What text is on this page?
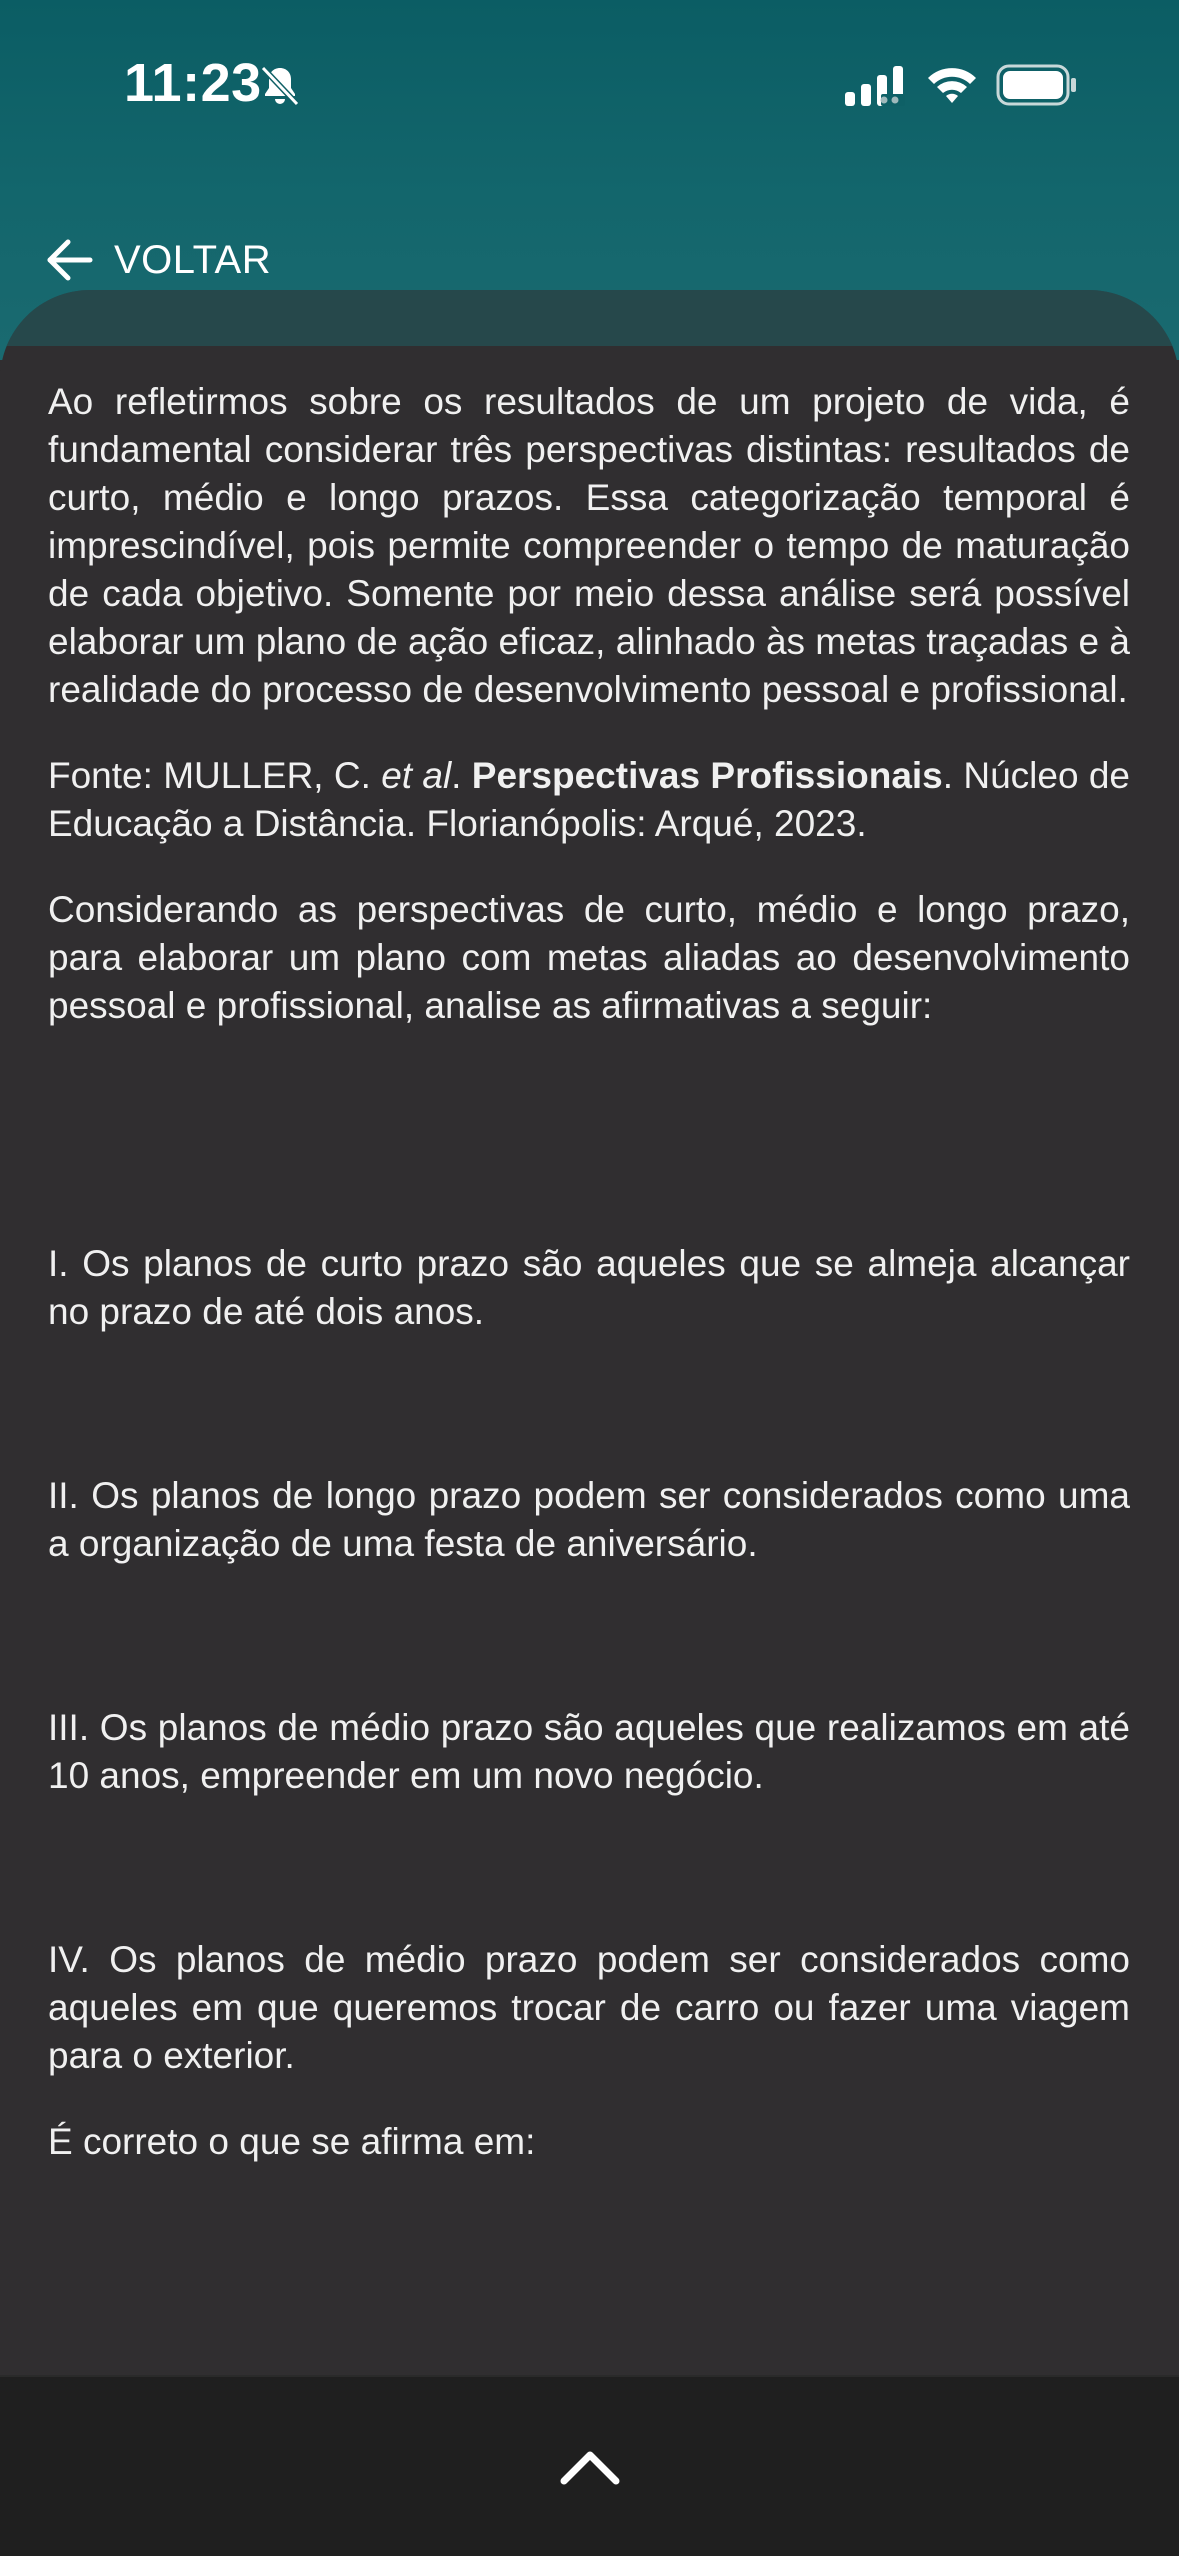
11:23
VOLTAR

Ao refletirmos sobre os resultados de um projeto de vida, é fundamental considerar três perspectivas distintas: resultados de curto, médio e longo prazos. Essa categorização temporal é imprescindível, pois permite compreender o tempo de maturação de cada objetivo. Somente por meio dessa análise será possível elaborar um plano de ação eficaz, alinhado às metas traçadas e à realidade do processo de desenvolvimento pessoal e profissional.

Fonte: MULLER, C. et al. Perspectivas Profissionais. Núcleo de Educação a Distância. Florianópolis: Arqué, 2023.

Considerando as perspectivas de curto, médio e longo prazo, para elaborar um plano com metas aliadas ao desenvolvimento pessoal e profissional, analise as afirmativas a seguir:

I. Os planos de curto prazo são aqueles que se almeja alcançar no prazo de até dois anos.

II. Os planos de longo prazo podem ser considerados como uma a organização de uma festa de aniversário.

III. Os planos de médio prazo são aqueles que realizamos em até 10 anos, empreender em um novo negócio.

IV. Os planos de médio prazo podem ser considerados como aqueles em que queremos trocar de carro ou fazer uma viagem para o exterior.

É correto o que se afirma em:
